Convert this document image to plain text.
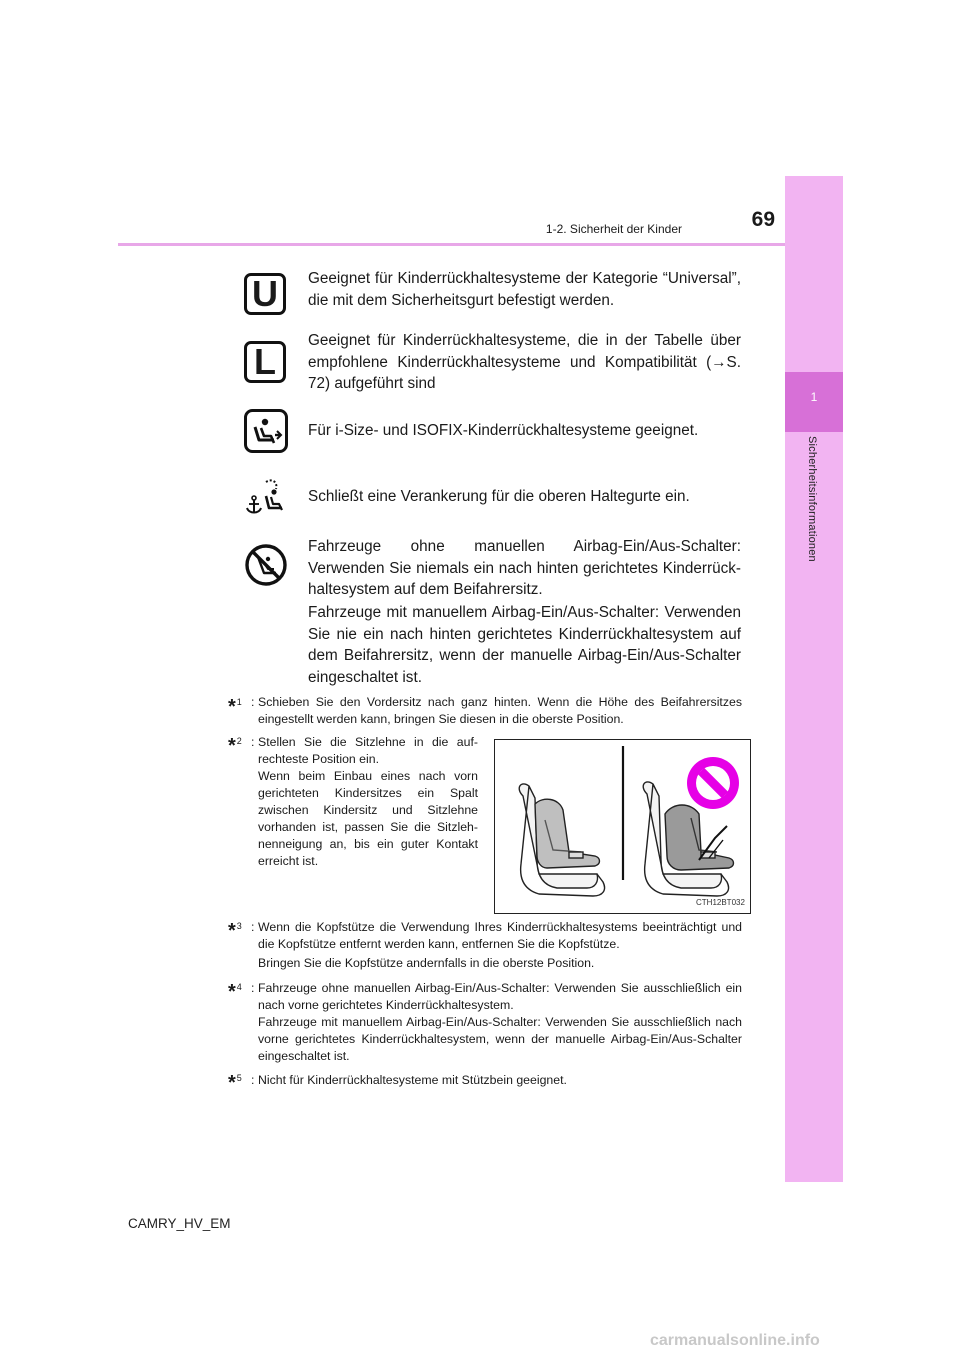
1
Sicherheitsinformationen
1-2. Sicherheit der Kinder	69
U	Geeignet für Kinderrückhaltesysteme der Kategorie “Universal”, die mit dem Sicherheitsgurt befestigt werden.
L
Geeignet für Kinderrückhaltesysteme, die in der Tabelle über empfohlene Kinderrückhaltesysteme und Kompatibilität (→S. 72) aufgeführt sind
Für i-Size- und ISOFIX-Kinderrückhaltesysteme geeignet.
Schließt eine Verankerung für die oberen Haltegurte ein.
Fahrzeuge ohne manuellen Airbag-Ein/Aus-Schalter: Verwenden Sie niemals ein nach hinten gerichtetes Kinderrückhaltesystem auf dem Beifahrersitz.
Fahrzeuge mit manuellem Airbag-Ein/Aus-Schalter: Verwenden Sie nie ein nach hinten gerichtetes Kinderrückhaltesystem auf dem Beifahrersitz, wenn der manuelle Airbag-Ein/Aus-Schalter eingeschaltet ist.
*$^1$ : Schieben Sie den Vordersitz nach ganz hinten. Wenn die Höhe des Beifahrersitzes eingestellt werden kann, bringen Sie diesen in die oberste Position.
*$^2$ : Stellen Sie die Sitzlehne in die aufrechteste Position ein.
Wenn beim Einbau eines nach vorn gerichteten Kindersitzes ein Spalt zwischen Kindersitz und Sitzlehne vorhanden ist, passen Sie die Sitzlehnenneigung an, bis ein guter Kontakt erreicht ist.
CTH12BT032
*$^3$ : Wenn die Kopfstütze die Verwendung Ihres Kinderrückhaltesystems beeinträchtigt und die Kopfstütze entfernt werden kann, entfernen Sie die Kopfstütze.
Bringen Sie die Kopfstütze andernfalls in die oberste Position.
*$^4$ : Fahrzeuge ohne manuellen Airbag-Ein/Aus-Schalter: Verwenden Sie ausschließlich ein nach vorne gerichtetes Kinderrückhaltesystem.
Fahrzeuge mit manuellem Airbag-Ein/Aus-Schalter: Verwenden Sie ausschließlich nach vorne gerichtetes Kinderrückhaltesystem, wenn der manuelle Airbag-Ein/Aus-Schalter eingeschaltet ist.
*$^5$ : Nicht für Kinderrückhaltesysteme mit Stützbein geeignet.
CAMRY_HV_EM
carmanualsonline.info
